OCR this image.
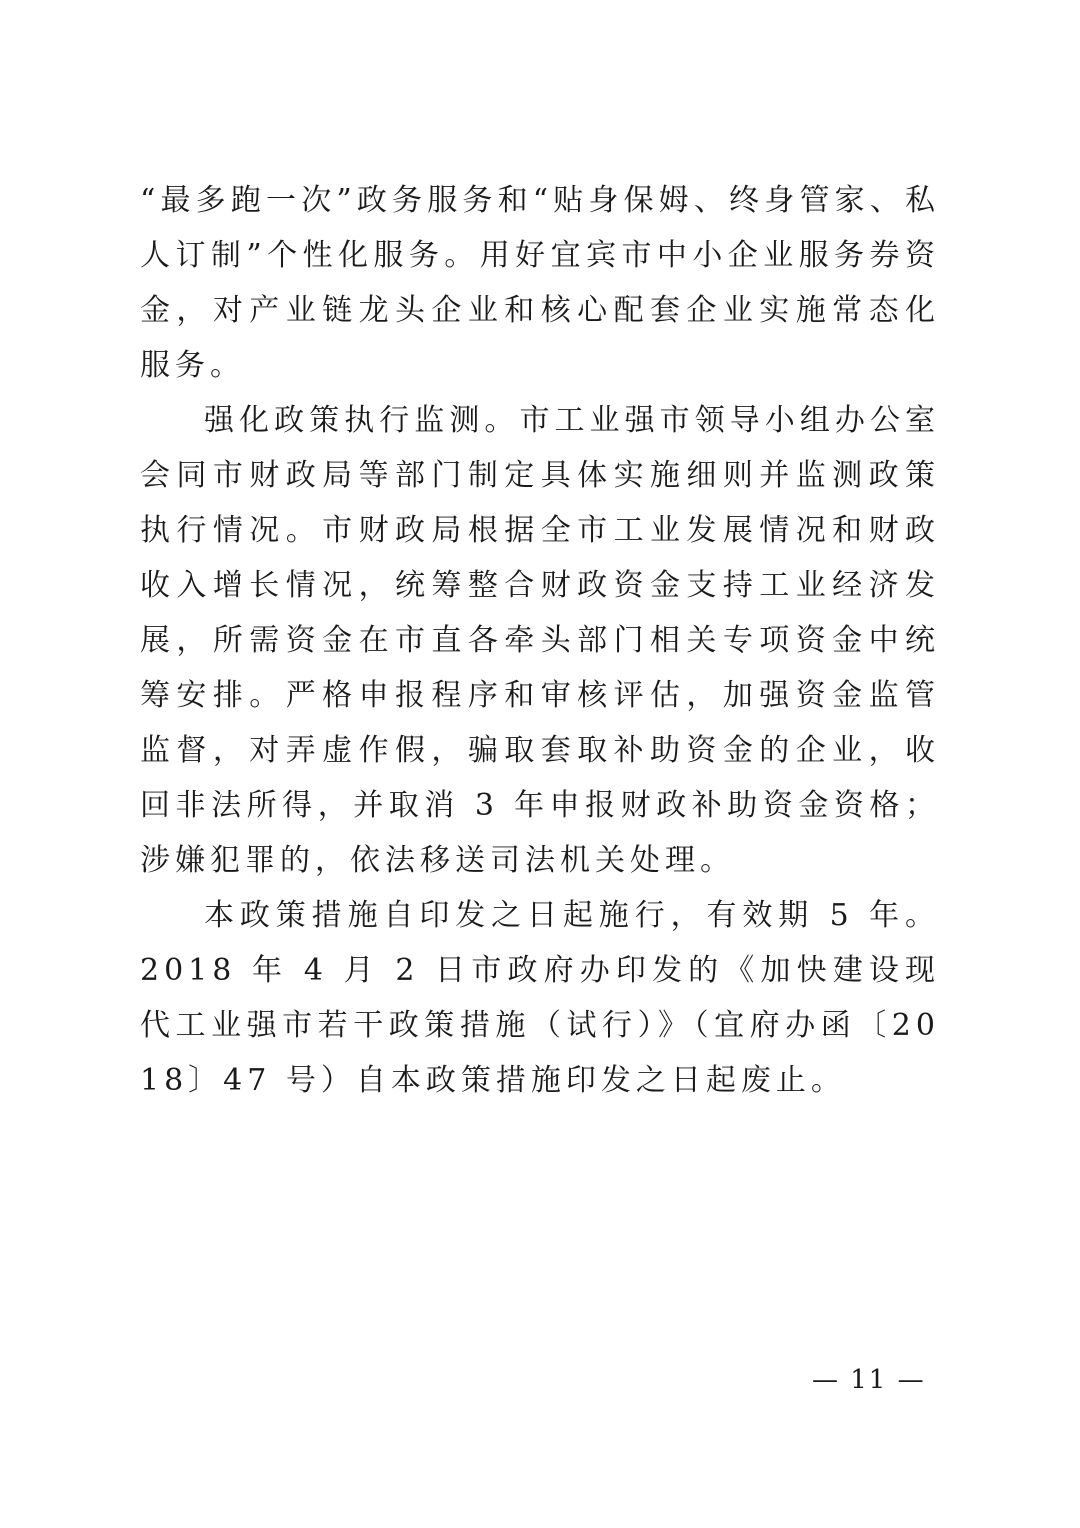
“最多跑一次”政务服务和“贴身保姆、终身管家、私人订制”个性化服务。用好宜宾市中小企业服务券资金，对产业链龙头企业和核心配套企业实施常态化服务。

强化政策执行监测。市工业强市领导小组办公室会同市财政局等部门制定具体实施细则并监测政策执行情况。市财政局根据全市工业发展情况和财政收入增长情况，统筹整合财政资金支持工业经济发展，所需资金在市直各牵头部门相关专项资金中统筹安排。严格申报程序和审核评估，加强资金监管监督，对弄虚作假，骗取套取补助资金的企业，收回非法所得，并取消 3 年申报财政补助资金资格；涉嫌犯罪的，依法移送司法机关处理。

本政策措施自印发之日起施行，有效期 5 年。2018 年 4 月 2 日市政府办印发的《加快建设现代工业强市若干政策措施（试行）》（宜府办函〔2018〕47 号）自本政策措施印发之日起废止。

— 11 —
